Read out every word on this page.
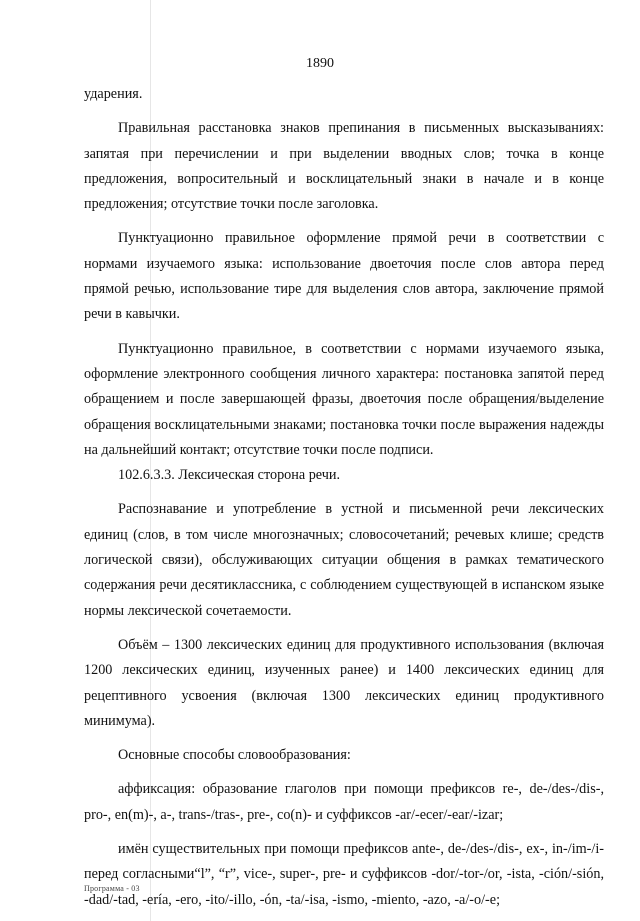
1890

ударения.

Правильная расстановка знаков препинания в письменных высказываниях: запятая при перечислении и при выделении вводных слов; точка в конце предложения, вопросительный и восклицательный знаки в начале и в конце предложения; отсутствие точки после заголовка.

Пунктуационно правильное оформление прямой речи в соответствии с нормами изучаемого языка: использование двоеточия после слов автора перед прямой речью, использование тире для выделения слов автора, заключение прямой речи в кавычки.

Пунктуационно правильное, в соответствии с нормами изучаемого языка, оформление электронного сообщения личного характера: постановка запятой перед обращением и после завершающей фразы, двоеточия после обращения/выделение обращения восклицательными знаками; постановка точки после выражения надежды на дальнейший контакт; отсутствие точки после подписи.

102.6.3.3. Лексическая сторона речи.

Распознавание и употребление в устной и письменной речи лексических единиц (слов, в том числе многозначных; словосочетаний; речевых клише; средств логической связи), обслуживающих ситуации общения в рамках тематического содержания речи десятиклассника, с соблюдением существующей в испанском языке нормы лексической сочетаемости.

Объём – 1300 лексических единиц для продуктивного использования (включая 1200 лексических единиц, изученных ранее) и 1400 лексических единиц для рецептивного усвоения (включая 1300 лексических единиц продуктивного минимума).

Основные способы словообразования:

аффиксация: образование глаголов при помощи префиксов re-, de-/des-/dis-, pro-, en(m)-, a-, trans-/tras-, pre-, co(n)- и суффиксов -ar/-ecer/-ear/-izar;

имён существительных при помощи префиксов ante-, de-/des-/dis-, ex-, in-/im-/i- перед согласными“l”, “r”, vice-, super-, pre- и суффиксов -dor/-tor-/or, -ista, -ción/-sión, -dad/-tad, -ería, -ero, -ito/-illo, -ón, -ta/-isa, -ismo, -miento, -azo, -a/-o/-e;

Программа - 03
